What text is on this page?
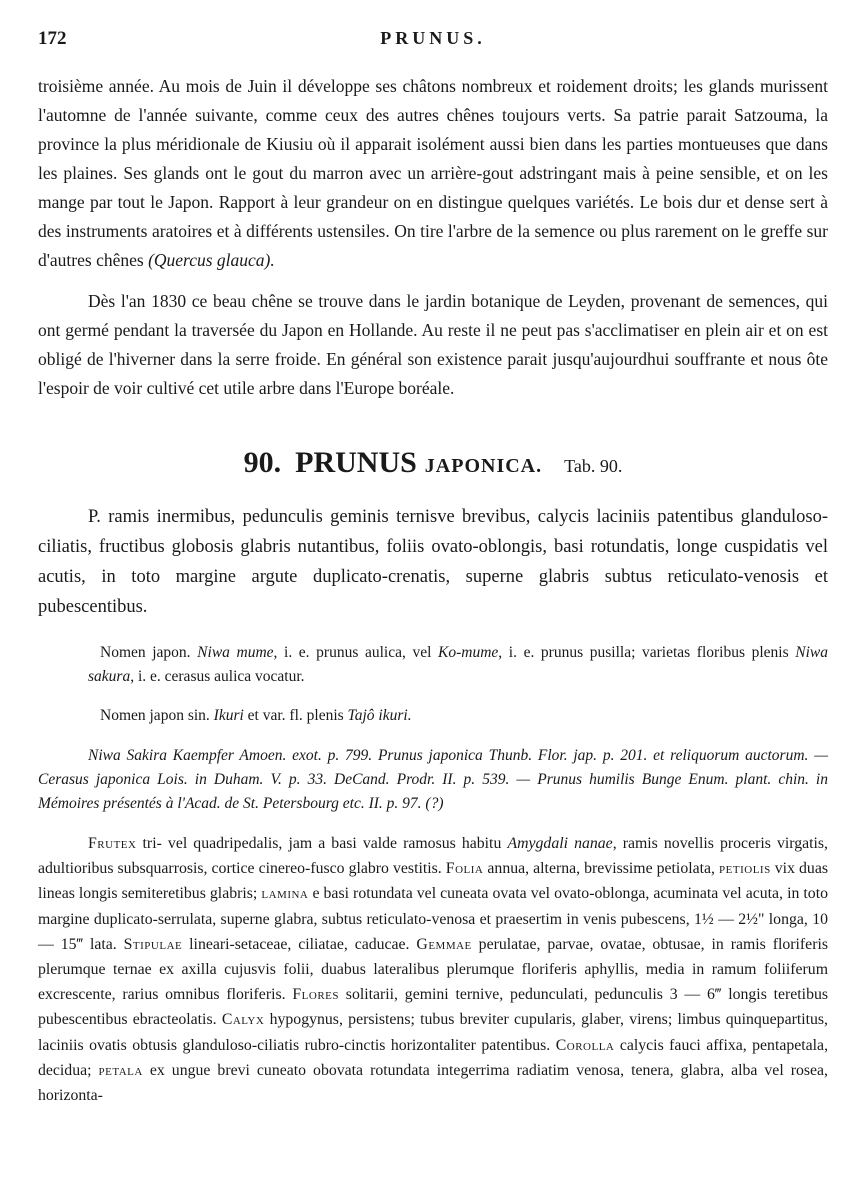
172	PRUNUS.

troisième année. Au mois de Juin il développe ses châtons nombreux et roidement droits; les glands murissent l'automne de l'année suivante, comme ceux des autres chênes toujours verts. Sa patrie parait Satzouma, la province la plus méridionale de Kiusiu où il apparait isolément aussi bien dans les parties montueuses que dans les plaines. Ses glands ont le gout du marron avec un arrière-gout adstringant mais à peine sensible, et on les mange par tout le Japon. Rapport à leur grandeur on en distingue quelques variétés. Le bois dur et dense sert à des instruments aratoires et à différents ustensiles. On tire l'arbre de la semence ou plus rarement on le greffe sur d'autres chênes (Quercus glauca).

Dès l'an 1830 ce beau chêne se trouve dans le jardin botanique de Leyden, provenant de semences, qui ont germé pendant la traversée du Japon en Hollande. Au reste il ne peut pas s'acclimatiser en plein air et on est obligé de l'hiverner dans la serre froide. En général son existence parait jusqu'aujourdhui souffrante et nous ôte l'espoir de voir cultivé cet utile arbre dans l'Europe boréale.

90. PRUNUS JAPONICA. Tab. 90.

P. ramis inermibus, pedunculis geminis ternisve brevibus, calycis laciniis patentibus glanduloso-ciliatis, fructibus globosis glabris nutantibus, foliis ovato-oblongis, basi rotundatis, longe cuspidatis vel acutis, in toto margine argute duplicato-crenatis, superne glabris subtus reticulato-venosis et pubescentibus.

Nomen japon. Niwa mume, i. e. prunus aulica, vel Ko-mume, i. e. prunus pusilla; varietas floribus plenis Niwa sakura, i. e. cerasus aulica vocatur.

Nomen japon sin. Ikuri et var. fl. plenis Tajô ikuri.

Niwa Sakira Kaempfer Amoen. exot. p. 799. Prunus japonica Thunb. Flor. jap. p. 201. et reliquorum auctorum. — Cerasus japonica Lois. in Duham. V. p. 33. DeCand. Prodr. II. p. 539. — Prunus humilis Bunge Enum. plant. chin. in Mémoires présentés à l'Acad. de St. Petersbourg etc. II. p. 97. (?)

Frutex tri- vel quadripedalis, jam a basi valde ramosus habitu Amygdali nanae, ramis novellis proceris virgatis, adultioribus subsquarrosis, cortice cinereo-fusco glabro vestitis. Folia annua, alterna, brevissime petiolata, petiolis vix duas lineas longis semiteretibus glabris; lamina e basi rotundata vel cuneata ovata vel ovato-oblonga, acuminata vel acuta, in toto margine duplicato-serrulata, superne glabra, subtus reticulato-venosa et praesertim in venis pubescens, 1½ — 2½" longa, 10 — 15‴ lata. Stipulae lineari-setaceae, ciliatae, caducae. Gemmae perulatae, parvae, ovatae, obtusae, in ramis floriferis plerumque ternae ex axilla cujusvis folii, duabus lateralibus plerumque floriferis aphyllis, media in ramum foliiferum excrescente, rarius omnibus floriferis. Flores solitarii, gemini ternive, pedunculati, pedunculis 3 — 6‴ longis teretibus pubescentibus ebracteolatis. Calyx hypogynus, persistens; tubus breviter cupularis, glaber, virens; limbus quinquepartitus, laciniis ovatis obtusis glanduloso-ciliatis rubro-cinctis horizontaliter patentibus. Corolla calycis fauci affixa, pentapetala, decidua; petala ex ungue brevi cuneato obovata rotundata integerrima radiatim venosa, tenera, glabra, alba vel rosea, horizonta-
